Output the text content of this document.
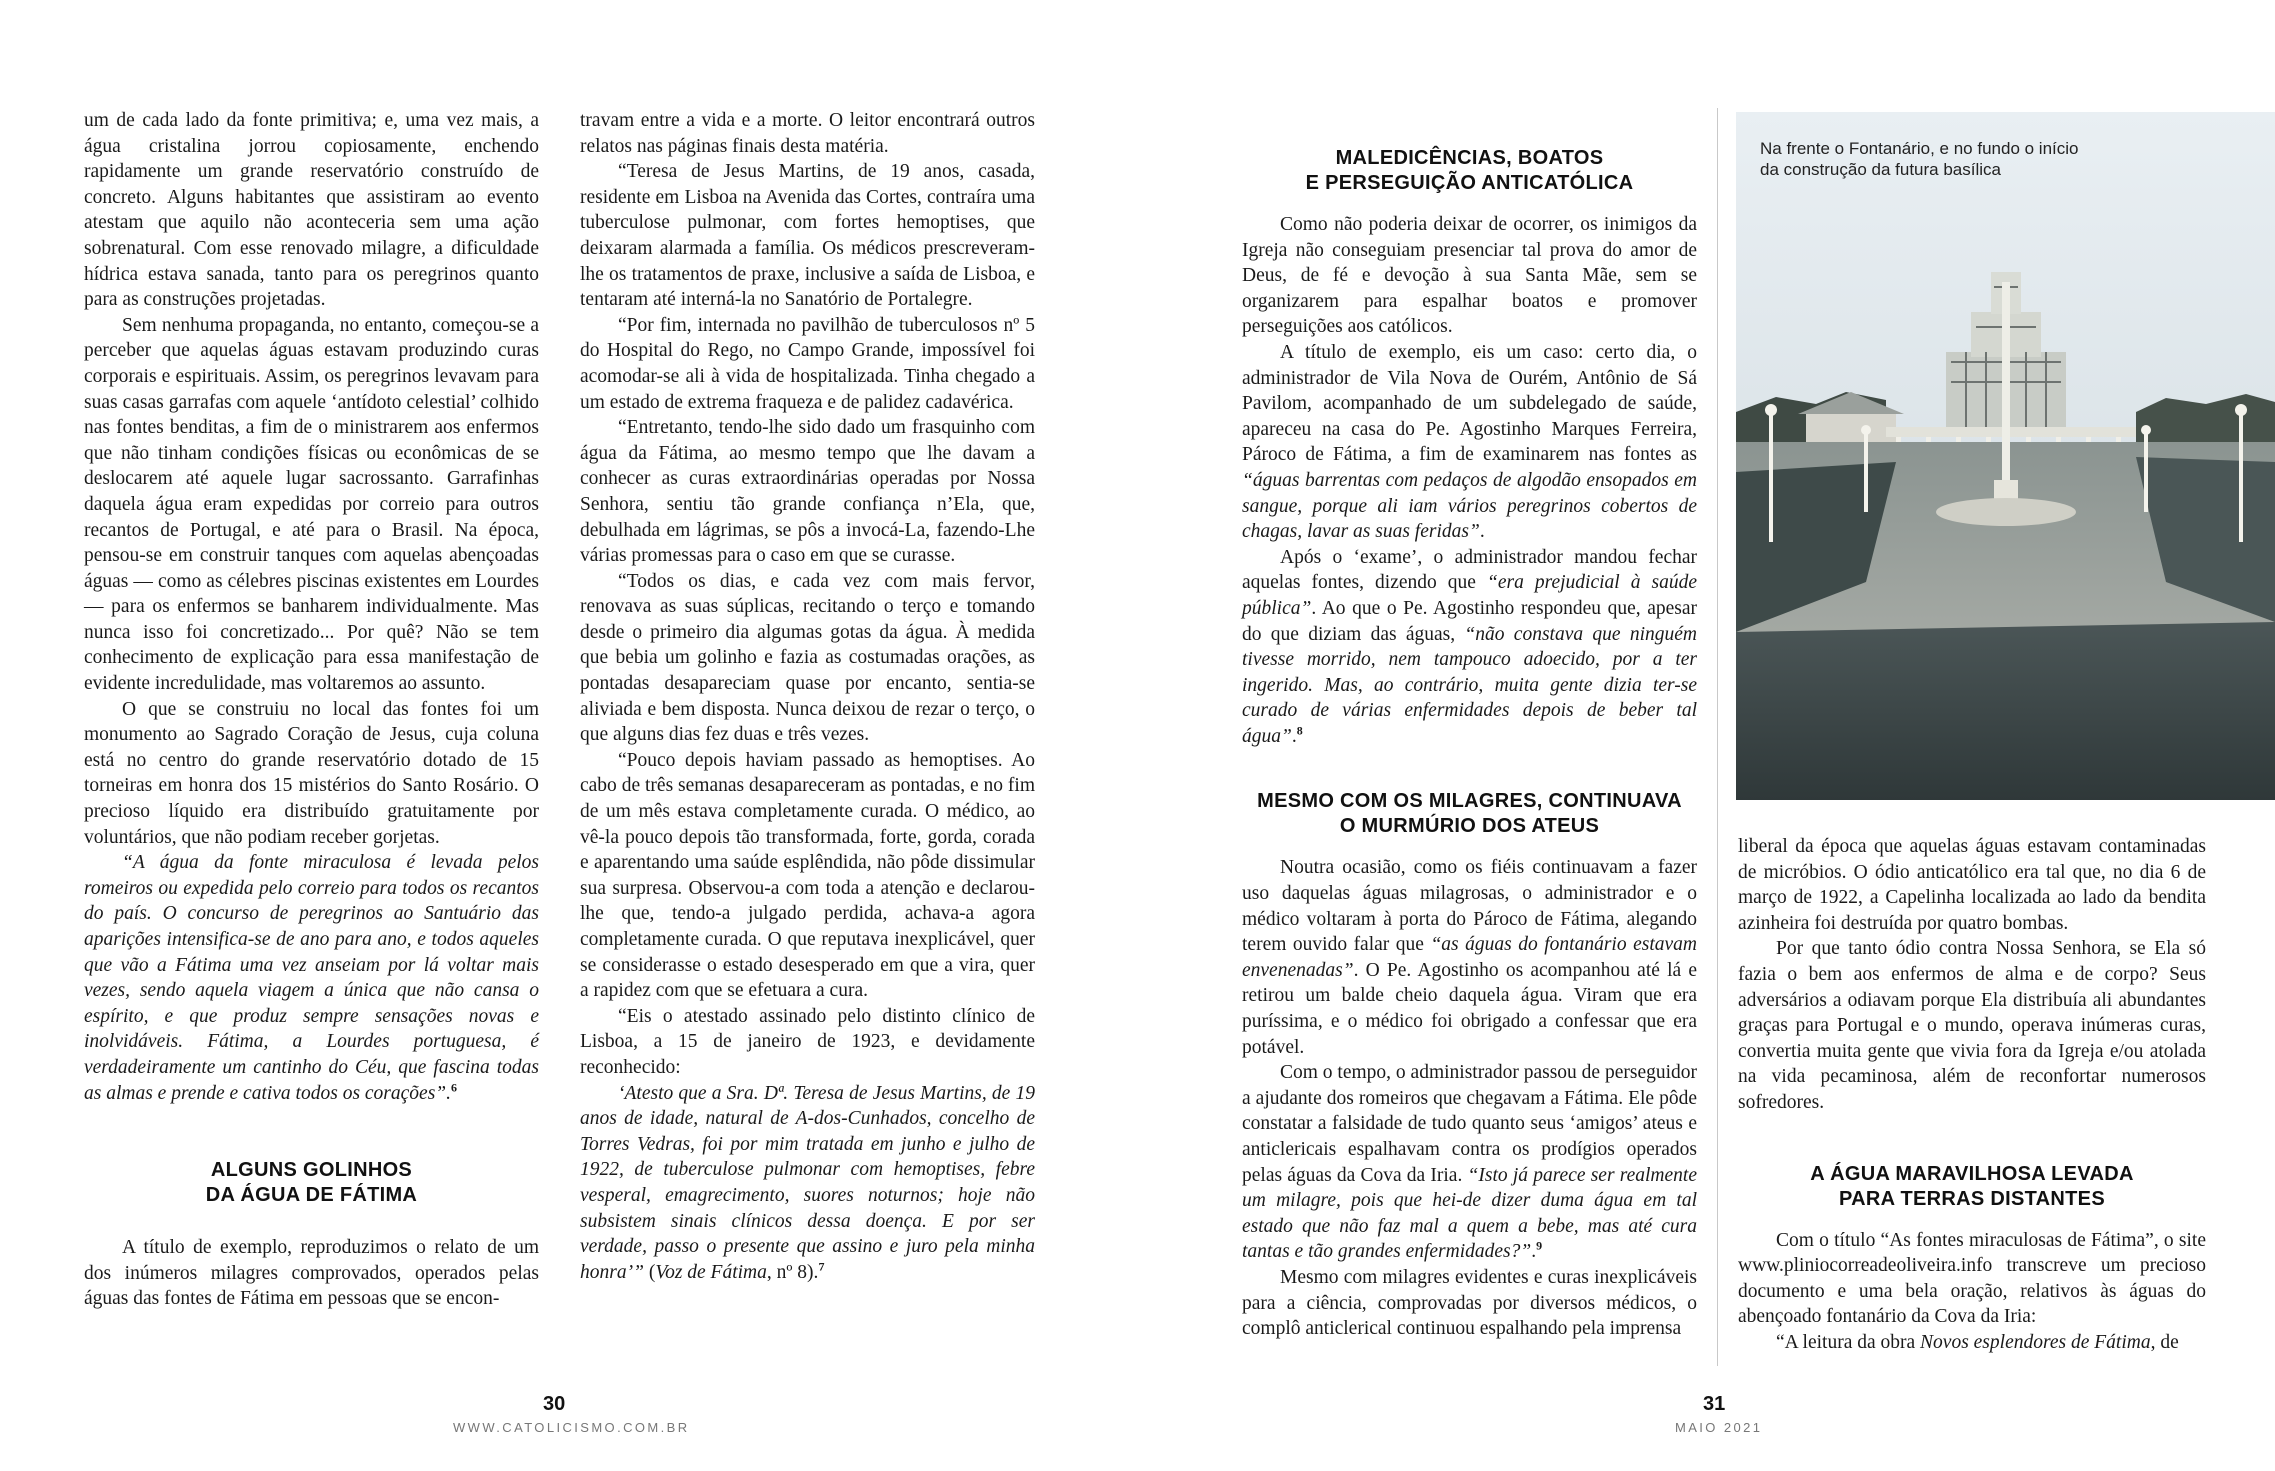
um de cada lado da fonte primitiva; e, uma vez mais, a água cristalina jorrou copiosamente, enchendo rapidamente um grande reservatório construído de concreto. Alguns habitantes que assistiram ao evento atestam que aquilo não aconteceria sem uma ação sobrenatural. Com esse renovado milagre, a dificuldade hídrica estava sanada, tanto para os peregrinos quanto para as construções projetadas.

Sem nenhuma propaganda, no entanto, começou-se a perceber que aquelas águas estavam produzindo curas corporais e espirituais. Assim, os peregrinos levavam para suas casas garrafas com aquele ‘antídoto celestial’ colhido nas fontes benditas, a fim de o ministrarem aos enfermos que não tinham condições físicas ou econômicas de se deslocarem até aquele lugar sacrossanto. Garrafinhas daquela água eram expedidas por correio para outros recantos de Portugal, e até para o Brasil. Na época, pensou-se em construir tanques com aquelas abençoadas águas — como as célebres piscinas existentes em Lourdes — para os enfermos se banharem individualmente. Mas nunca isso foi concretizado... Por quê? Não se tem conhecimento de explicação para essa manifestação de evidente incredulidade, mas voltaremos ao assunto.

O que se construiu no local das fontes foi um monumento ao Sagrado Coração de Jesus, cuja coluna está no centro do grande reservatório dotado de 15 torneiras em honra dos 15 mistérios do Santo Rosário. O precioso líquido era distribuído gratuitamente por voluntários, que não podiam receber gorjetas.

“A água da fonte miraculosa é levada pelos romeiros ou expedida pelo correio para todos os recantos do país. O concurso de peregrinos ao Santuário das aparições intensifica-se de ano para ano, e todos aqueles que vão a Fátima uma vez anseiam por lá voltar mais vezes, sendo aquela viagem a única que não cansa o espírito, e que produz sempre sensações novas e inolvidáveis. Fátima, a Lourdes portuguesa, é verdadeiramente um cantinho do Céu, que fascina todas as almas e prende e cativa todos os corações”.$^6$

ALGUNS GOLINHOS
DA ÁGUA DE FÁTIMA

A título de exemplo, reproduzimos o relato de um dos inúmeros milagres comprovados, operados pelas águas das fontes de Fátima em pessoas que se encon-

travam entre a vida e a morte. O leitor encontrará outros relatos nas páginas finais desta matéria.

“Teresa de Jesus Martins, de 19 anos, casada, residente em Lisboa na Avenida das Cortes, contraíra uma tuberculose pulmonar, com fortes hemoptises, que deixaram alarmada a família. Os médicos prescreveram-lhe os tratamentos de praxe, inclusive a saída de Lisboa, e tentaram até interná-la no Sanatório de Portalegre.

“Por fim, internada no pavilhão de tuberculosos nº 5 do Hospital do Rego, no Campo Grande, impossível foi acomodar-se ali à vida de hospitalizada. Tinha chegado a um estado de extrema fraqueza e de palidez cadavérica.

“Entretanto, tendo-lhe sido dado um frasquinho com água da Fátima, ao mesmo tempo que lhe davam a conhecer as curas extraordinárias operadas por Nossa Senhora, sentiu tão grande confiança n’Ela, que, debulhada em lágrimas, se pôs a invocá-La, fazendo-Lhe várias promessas para o caso em que se curasse.

“Todos os dias, e cada vez com mais fervor, renovava as suas súplicas, recitando o terço e tomando desde o primeiro dia algumas gotas da água. À medida que bebia um golinho e fazia as costumadas orações, as pontadas desapareciam quase por encanto, sentia-se aliviada e bem disposta. Nunca deixou de rezar o terço, o que alguns dias fez duas e três vezes.

“Pouco depois haviam passado as hemoptises. Ao cabo de três semanas desapareceram as pontadas, e no fim de um mês estava completamente curada. O médico, ao vê-la pouco depois tão transformada, forte, gorda, corada e aparentando uma saúde esplêndida, não pôde dissimular sua surpresa. Observou-a com toda a atenção e declarou-lhe que, tendo-a julgado perdida, achava-a agora completamente curada. O que reputava inexplicável, quer se considerasse o estado desesperado em que a vira, quer a rapidez com que se efetuara a cura.

“Eis o atestado assinado pelo distinto clínico de Lisboa, a 15 de janeiro de 1923, e devidamente reconhecido:

‘Atesto que a Sra. Dª. Teresa de Jesus Martins, de 19 anos de idade, natural de A-dos-Cunhados, concelho de Torres Vedras, foi por mim tratada em junho e julho de 1922, de tuberculose pulmonar com hemoptises, febre vesperal, emagrecimento, suores noturnos; hoje não subsistem sinais clínicos dessa doença. E por ser verdade, passo o presente que assino e juro pela minha honra’” (Voz de Fátima, nº 8).$^7$

30
WWW.CATOLICISMO.COM.BR
MALEDICÊNCIAS, BOATOS
E PERSEGUIÇÃO ANTICATÓLICA

Como não poderia deixar de ocorrer, os inimigos da Igreja não conseguiam presenciar tal prova do amor de Deus, de fé e devoção à sua Santa Mãe, sem se organizarem para espalhar boatos e promover perseguições aos católicos.

A título de exemplo, eis um caso: certo dia, o administrador de Vila Nova de Ourém, Antônio de Sá Pavilom, acompanhado de um subdelegado de saúde, apareceu na casa do Pe. Agostinho Marques Ferreira, Pároco de Fátima, a fim de examinarem nas fontes as “águas barrentas com pedaços de algodão ensopados em sangue, porque ali iam vários peregrinos cobertos de chagas, lavar as suas feridas”.

Após o ‘exame’, o administrador mandou fechar aquelas fontes, dizendo que “era prejudicial à saúde pública”. Ao que o Pe. Agostinho respondeu que, apesar do que diziam das águas, “não constava que ninguém tivesse morrido, nem tampouco adoecido, por a ter ingerido. Mas, ao contrário, muita gente dizia ter-se curado de várias enfermidades depois de beber tal água”.$^8$

MESMO COM OS MILAGRES, CONTINUAVA
O MURMÚRIO DOS ATEUS

Noutra ocasião, como os fiéis continuavam a fazer uso daquelas águas milagrosas, o administrador e o médico voltaram à porta do Pároco de Fátima, alegando terem ouvido falar que “as águas do fontanário estavam envenenadas”. O Pe. Agostinho os acompanhou até lá e retirou um balde cheio daquela água. Viram que era puríssima, e o médico foi obrigado a confessar que era potável.

Com o tempo, o administrador passou de perseguidor a ajudante dos romeiros que chegavam a Fátima. Ele pôde constatar a falsidade de tudo quanto seus ‘amigos’ ateus e anticlericais espalhavam contra os prodígios operados pelas águas da Cova da Iria. “Isto já parece ser realmente um milagre, pois que hei-de dizer duma água em tal estado que não faz mal a quem a bebe, mas até cura tantas e tão grandes enfermidades?”.$^9$

Mesmo com milagres evidentes e curas inexplicáveis para a ciência, comprovadas por diversos médicos, o complô anticlerical continuou espalhando pela imprensa

Na frente o Fontanário, e no fundo o início da construção da futura basílica

liberal da época que aquelas águas estavam contaminadas de micróbios. O ódio anticatólico era tal que, no dia 6 de março de 1922, a Capelinha localizada ao lado da bendita azinheira foi destruída por quatro bombas.

Por que tanto ódio contra Nossa Senhora, se Ela só fazia o bem aos enfermos de alma e de corpo? Seus adversários a odiavam porque Ela distribuía ali abundantes graças para Portugal e o mundo, operava inúmeras curas, convertia muita gente que vivia fora da Igreja e/ou atolada na vida pecaminosa, além de reconfortar numerosos sofredores.

A ÁGUA MARAVILHOSA LEVADA
PARA TERRAS DISTANTES

Com o título “As fontes miraculosas de Fátima”, o site www.pliniocorreadeoliveira.info transcreve um precioso documento e uma bela oração, relativos às águas do abençoado fontanário da Cova da Iria:

“A leitura da obra Novos esplendores de Fátima, de

31
MAIO 2021
